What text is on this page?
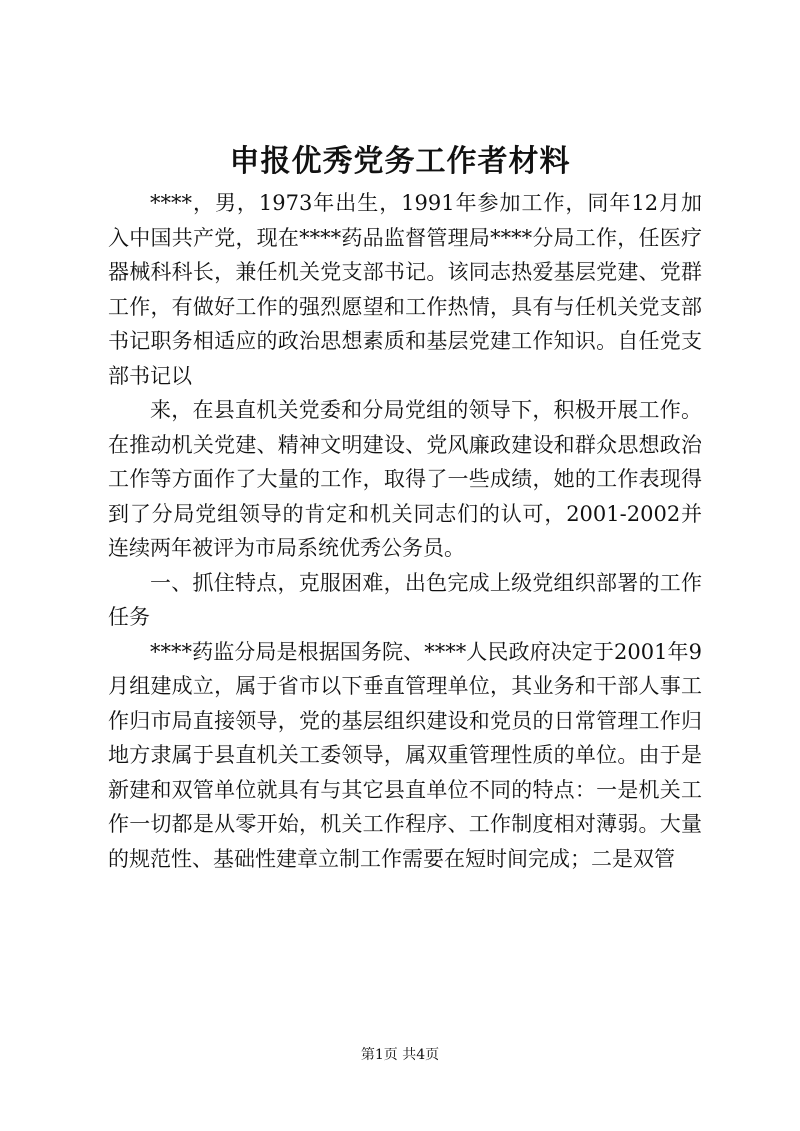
申报优秀党务工作者材料

****，男，1973年出生，1991年参加工作，同年12月加入中国共产党，现在****药品监督管理局****分局工作，任医疗器械科科长，兼任机关党支部书记。该同志热爱基层党建、党群工作，有做好工作的强烈愿望和工作热情，具有与任机关党支部书记职务相适应的政治思想素质和基层党建工作知识。自任党支部书记以

来，在县直机关党委和分局党组的领导下，积极开展工作。在推动机关党建、精神文明建设、党风廉政建设和群众思想政治工作等方面作了大量的工作，取得了一些成绩，她的工作表现得到了分局党组领导的肯定和机关同志们的认可，2001-2002并连续两年被评为市局系统优秀公务员。

一、抓住特点，克服困难，出色完成上级党组织部署的工作任务

****药监分局是根据国务院、****人民政府决定于2001年9月组建成立，属于省市以下垂直管理单位，其业务和干部人事工作归市局直接领导，党的基层组织建设和党员的日常管理工作归地方隶属于县直机关工委领导，属双重管理性质的单位。由于是新建和双管单位就具有与其它县直单位不同的特点：一是机关工作一切都是从零开始，机关工作程序、工作制度相对薄弱。大量的规范性、基础性建章立制工作需要在短时间完成；二是双管

第1页 共4页
